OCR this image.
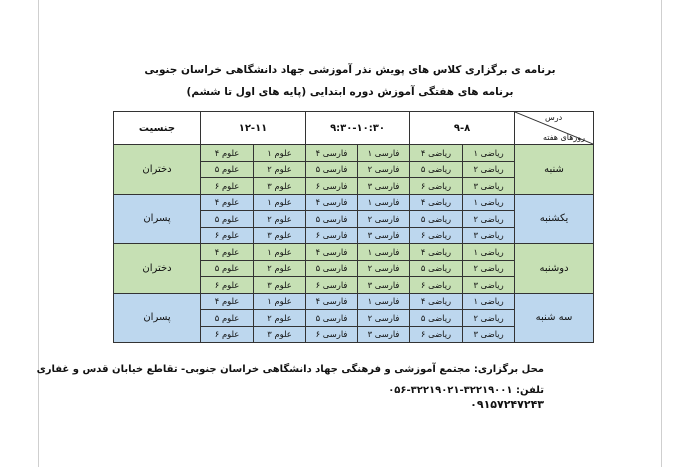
برنامه ی برگزاری کلاس های پویش نذر آموزشی جهاد دانشگاهی خراسان جنوبی
برنامه های هفتگی آموزش دوره ابتدایی (پایه های اول تا ششم)
درس
روزهای هفته	۹-۸		۹:۳۰-۱۰:۳۰		۱۲-۱۱		جنسیت
شنبه	ریاضی ۱	ریاضی ۴	فارسی ۱	فارسی ۴	علوم ۱	علوم ۴	دختران
	ریاضی ۲	ریاضی ۵	فارسی ۲	فارسی ۵	علوم ۲	علوم ۵	
	ریاضی ۳	ریاضی ۶	فارسی ۳	فارسی ۶	علوم ۳	علوم ۶	
یکشنبه	ریاضی ۱	ریاضی ۴	فارسی ۱	فارسی ۴	علوم ۱	علوم ۴	پسران
	ریاضی ۲	ریاضی ۵	فارسی ۲	فارسی ۵	علوم ۲	علوم ۵	
	ریاضی ۳	ریاضی ۶	فارسی ۳	فارسی ۶	علوم ۳	علوم ۶	
دوشنبه	ریاضی ۱	ریاضی ۴	فارسی ۱	فارسی ۴	علوم ۱	علوم ۴	دختران
	ریاضی ۲	ریاضی ۵	فارسی ۲	فارسی ۵	علوم ۲	علوم ۵	
	ریاضی ۳	ریاضی ۶	فارسی ۳	فارسی ۶	علوم ۳	علوم ۶	
سه شنبه	ریاضی ۱	ریاضی ۴	فارسی ۱	فارسی ۴	علوم ۱	علوم ۴	پسران
	ریاضی ۲	ریاضی ۵	فارسی ۲	فارسی ۵	علوم ۲	علوم ۵	
	ریاضی ۳	ریاضی ۶	فارسی ۳	فارسی ۶	علوم ۳	علوم ۶	
محل برگزاری: مجتمع آموزشی و فرهنگی جهاد دانشگاهی خراسان جنوبی- تقاطع خیابان قدس و غفاری
تلفن: ۳۲۲۱۹۰۰۱-۳۲۲۱۹۰۲۱-۰۵۶
۰۹۱۵۷۲۴۷۲۴۳
